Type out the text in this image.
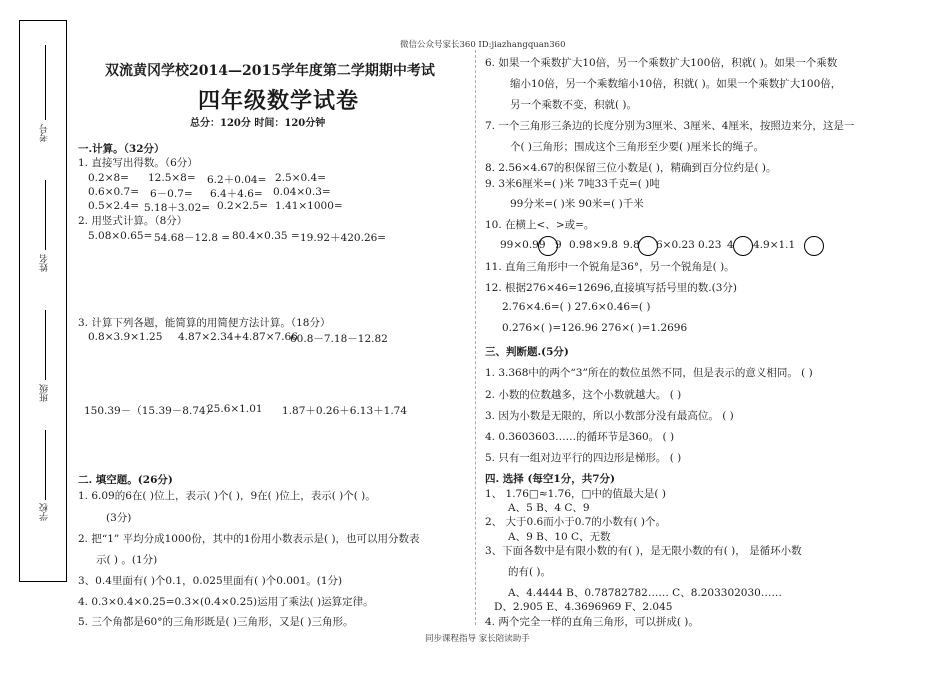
微信公众号家长360 ID:jiazhangquan360
同步课程指导 家长陪读助手
考号
姓名
班级
学校
双流黄冈学校2014—2015学年度第二学期期中考试
四年级数学试卷
总分：120分 时间：120分钟
一.计算。（32分）
1. 直接写出得数。（6分）
0.2×8= 12.5×8= 6.2＋0.04= 2.5×0.4=
0.6×0.7= 6－0.7= 6.4＋4.6= 0.04×0.3=
0.5×2.4= 5.18＋3.02= 0.2×2.5= 1.41×1000=
2. 用竖式计算。（8分）
5.08×0.65= 54.68－12.8 = 80.4×0.35 = 19.92＋420.26=
3. 计算下列各题，能简算的用简便方法计算。（18分）
0.8×3.9×1.25 4.87×2.34+4.87×7.66
60.8－7.18－12.82
150.39－（15.39－8.74）
25.6×1.01 1.87＋0.26＋6.13＋1.74
二. 填空题。(26分)
1. 6.09的6在( )位上，表示( )个( )，9在( )位上，表示( )个( )。
(3分)
2. 把“1” 平均分成1000份，其中的1份用小数表示是( )，也可以用分数表
示( ) 。(1分)
3、0.4里面有( )个0.1，0.025里面有( )个0.001。(1分)
4. 0.3×0.4×0.25=0.3×(0.4×0.25)运用了乘法( )运算定律。
5. 三个角都是60°的三角形既是( )三角形，又是( )三角形。
6. 如果一个乘数扩大10倍，另一个乘数扩大100倍，积就( )。如果一个乘数
缩小10倍，另一个乘数缩小10倍，积就( )。如果一个乘数扩大100倍，
另一个乘数不变，积就( )。
7. 一个三角形三条边的长度分别为3厘米、3厘米、4厘米，按照边来分，这是一
个( )三角形；围成这个三角形至少要( )厘米长的绳子。
8. 2.56×4.67的积保留三位小数是( )，精确到百分位约是( )。
9. 3米6厘米=( )米 7吨33千克=( )吨
99分米=( )米 90米=( )千米
10. 在横上<、>或=。
99×0.99 9 0.98×9.8 9.8 6×0.23 0.23 4 4.9×1.1
11. 直角三角形中一个锐角是36°，另一个锐角是( )。
12. 根据276×46=12696,直接填写括号里的数.(3分)
2.76×4.6=( ) 27.6×0.46=( )
0.276×( )=126.96 276×( )=1.2696
三、判断题.(5分)
1. 3.368中的两个“3”所在的数位虽然不同，但是表示的意义相同。 ( )
2. 小数的位数越多，这个小数就越大。 ( )
3. 因为小数是无限的，所以小数部分没有最高位。 ( )
4. 0.3603603……的循环节是360。 ( )
5. 只有一组对边平行的四边形是梯形。 ( )
四. 选择 (每空1分，共7分)
1、 1.76□≈1.76，□中的值最大是( )
A、5 B、4 C、9
2、 大于0.6而小于0.7的小数有( )个。
A、9 B、10 C、无数
3、下面各数中是有限小数的有( )，是无限小数的有( )， 是循环小数
的有( )。
A、4.4444 B、0.78782782…… C、8.203302030……
D、2.905 E、4.3696969 F、2.045
4. 两个完全一样的直角三角形，可以拼成( )。
